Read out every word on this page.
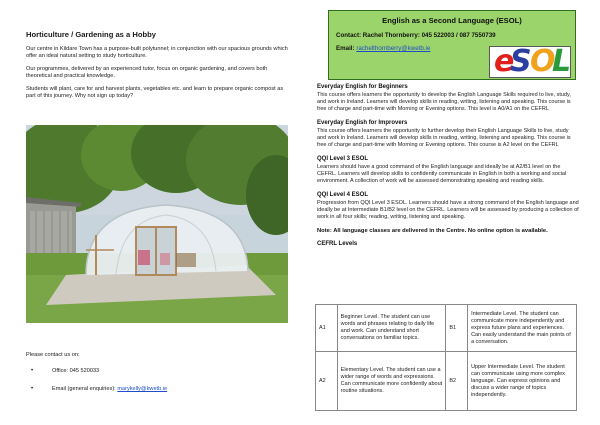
Horticulture / Gardening as a Hobby

Our centre in Kildare Town has a purpose-built polytunnel; in conjunction with our spacious grounds which offer an ideal natural setting to study horticulture.

Our programmes, delivered by an experienced tutor, focus on organic gardening, and covers both theoretical and practical knowledge.

Students will plant, care for and harvest plants, vegetables etc. and learn to prepare organic compost as part of this journey. Why not sign up today?

Please contact us on:
•	Office: 045 520033
•	Email (general enquiries): marykelly@kwetb.ie
English as a Second Language (ESOL)
Contact: Rachel Thornberry: 045 522003 / 087 7550739
Email: rachelthornberry@kwetb.ie e
S
O
L
Everyday English for Beginners

This course offers learners the opportunity to develop the English Language Skills required to live, study, and work in Ireland. Learners will develop skills in reading, writing, listening and speaking. This course is free of charge and part-time with Morning or Evening options. This level is A0/A1 on the CEFRL

Everyday English for Improvers

This course offers learners the opportunity to further develop their English Language Skills to live, study and work in Ireland. Learners will develop skills in reading, writing, listening and speaking. This course is free of charge and part-time with Morning or Evening options. This course is A2 level on the CEFRL

QQI Level 3 ESOL

Learners should have a good command of the English language and ideally be at A2/B1 level on the CEFRL. Learners will develop skills to confidently communicate in English in both a working and social environment. A collection of work will be assessed demonstrating speaking and reading skills.

QQI Level 4 ESOL

Progression from QQI Level 3 ESOL. Learners should have a strong command of the English language and ideally be at Intermediate B1/B2 level on the CEFRL. Learners will be assessed by producing a collection of work in all four skills; reading, writing, listening and speaking.

Note: All language classes are delivered in the Centre. No online option is available.
CEFRL Levels
A1	Beginner Level. The student can use words and phrases relating to daily life and work. Can understand short conversations on familiar topics.	B1	Intermediate Level. The student can communicate more independently and express future plans and experiences. Can easily understand the main points of a conversation.
A2	Elementary Level. The student can use a wider range of words and expressions. Can communicate more confidently about routine situations.	B2	Upper Intermediate Level. The student can communicate using more complex language. Can express opinions and discuss a wider range of topics independently.
